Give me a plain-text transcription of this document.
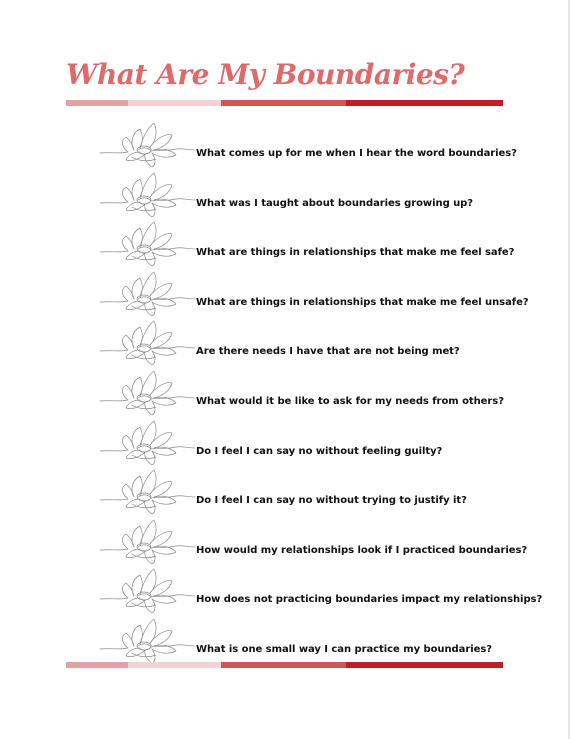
What Are My Boundaries?
What comes up for me when I hear the word boundaries?
What was I taught about boundaries growing up?
What are things in relationships that make me feel safe?
What are things in relationships that make me feel unsafe?
Are there needs I have that are not being met?
What would it be like to ask for my needs from others?
Do I feel I can say no without feeling guilty?
Do I feel I can say no without trying to justify it?
How would my relationships look if I practiced boundaries?
How does not practicing boundaries impact my relationships?
What is one small way I can practice my boundaries?
